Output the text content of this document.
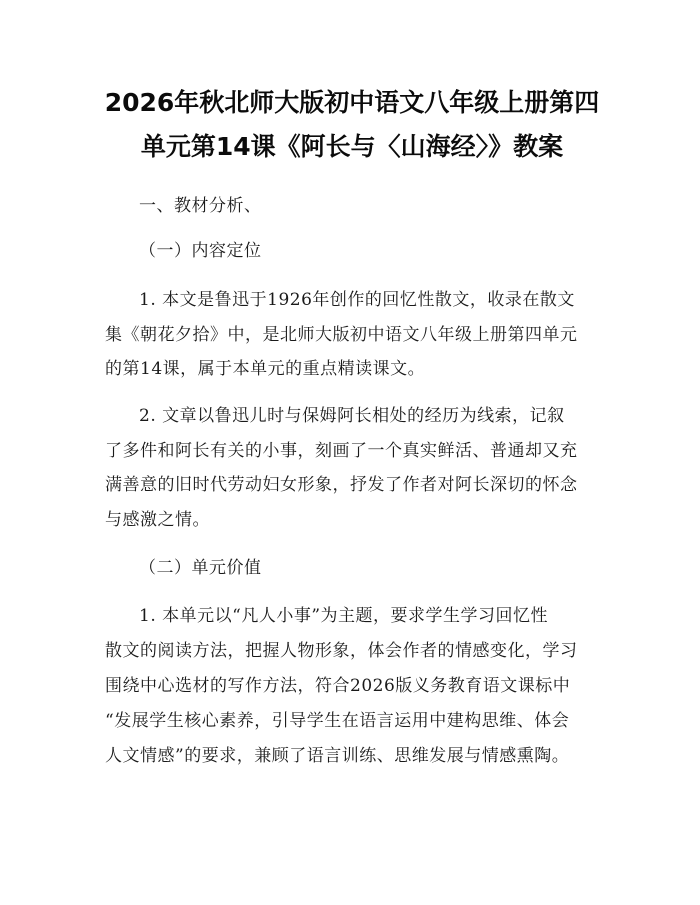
2026年秋北师大版初中语文八年级上册第四
单元第14课《阿长与〈山海经〉》教案

一、教材分析、

（一）内容定位

1. 本文是鲁迅于1926年创作的回忆性散文，收录在散文

集《朝花夕拾》中，是北师大版初中语文八年级上册第四单元

的第14课，属于本单元的重点精读课文。

2. 文章以鲁迅儿时与保姆阿长相处的经历为线索，记叙

了多件和阿长有关的小事，刻画了一个真实鲜活、普通却又充

满善意的旧时代劳动妇女形象，抒发了作者对阿长深切的怀念

与感激之情。

（二）单元价值

1. 本单元以“凡人小事”为主题，要求学生学习回忆性

散文的阅读方法，把握人物形象，体会作者的情感变化，学习

围绕中心选材的写作方法，符合2026版义务教育语文课标中

“发展学生核心素养，引导学生在语言运用中建构思维、体会

人文情感”的要求，兼顾了语言训练、思维发展与情感熏陶。
